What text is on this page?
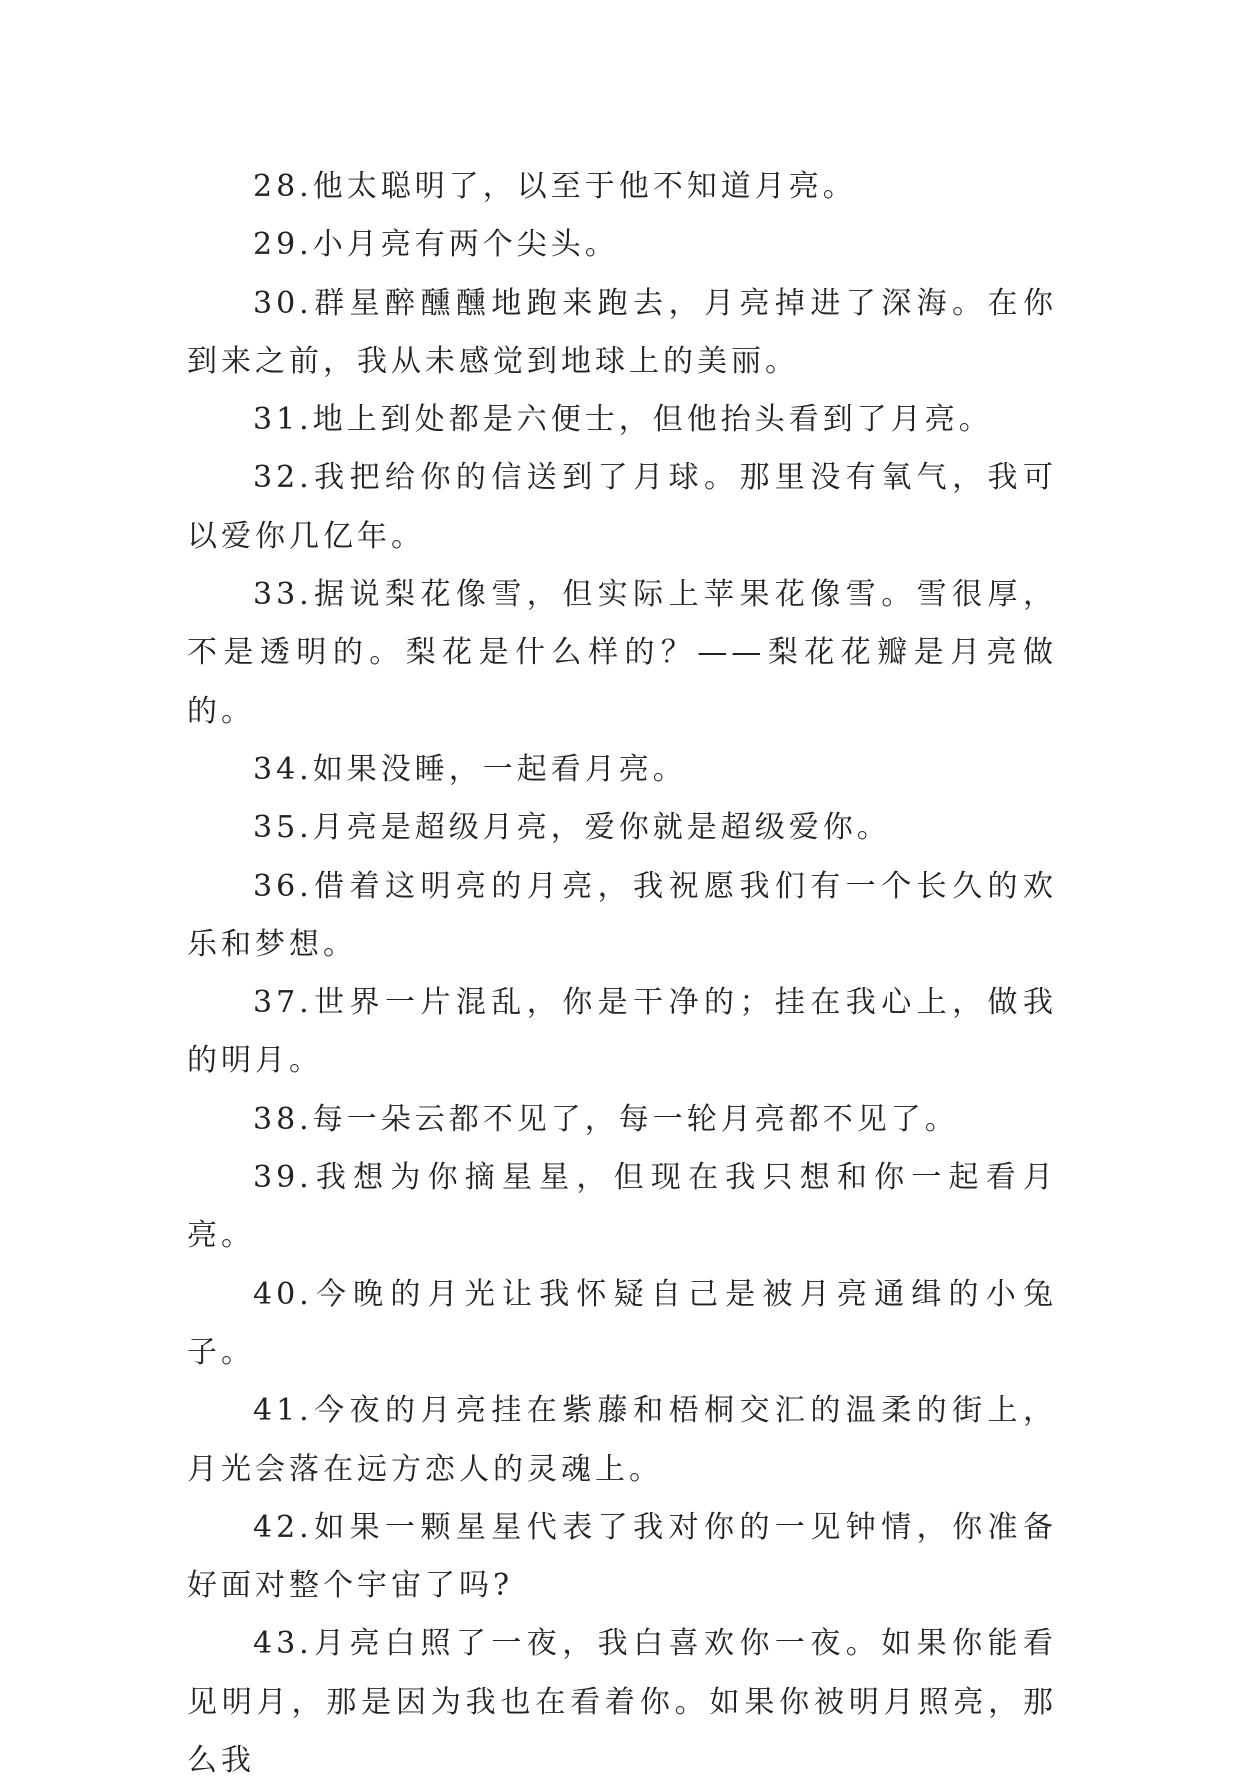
28.他太聪明了，以至于他不知道月亮。

29.小月亮有两个尖头。

30.群星醉醺醺地跑来跑去，月亮掉进了深海。在你到来之前，我从未感觉到地球上的美丽。

31.地上到处都是六便士，但他抬头看到了月亮。

32.我把给你的信送到了月球。那里没有氧气，我可以爱你几亿年。

33.据说梨花像雪，但实际上苹果花像雪。雪很厚，不是透明的。梨花是什么样的？——梨花花瓣是月亮做的。

34.如果没睡，一起看月亮。

35.月亮是超级月亮，爱你就是超级爱你。

36.借着这明亮的月亮，我祝愿我们有一个长久的欢乐和梦想。

37.世界一片混乱，你是干净的；挂在我心上，做我的明月。

38.每一朵云都不见了，每一轮月亮都不见了。

39.我想为你摘星星，但现在我只想和你一起看月亮。

40.今晚的月光让我怀疑自己是被月亮通缉的小兔子。

41.今夜的月亮挂在紫藤和梧桐交汇的温柔的街上，月光会落在远方恋人的灵魂上。

42.如果一颗星星代表了我对你的一见钟情，你准备好面对整个宇宙了吗?

43.月亮白照了一夜，我白喜欢你一夜。如果你能看见明月，那是因为我也在看着你。如果你被明月照亮，那么我
